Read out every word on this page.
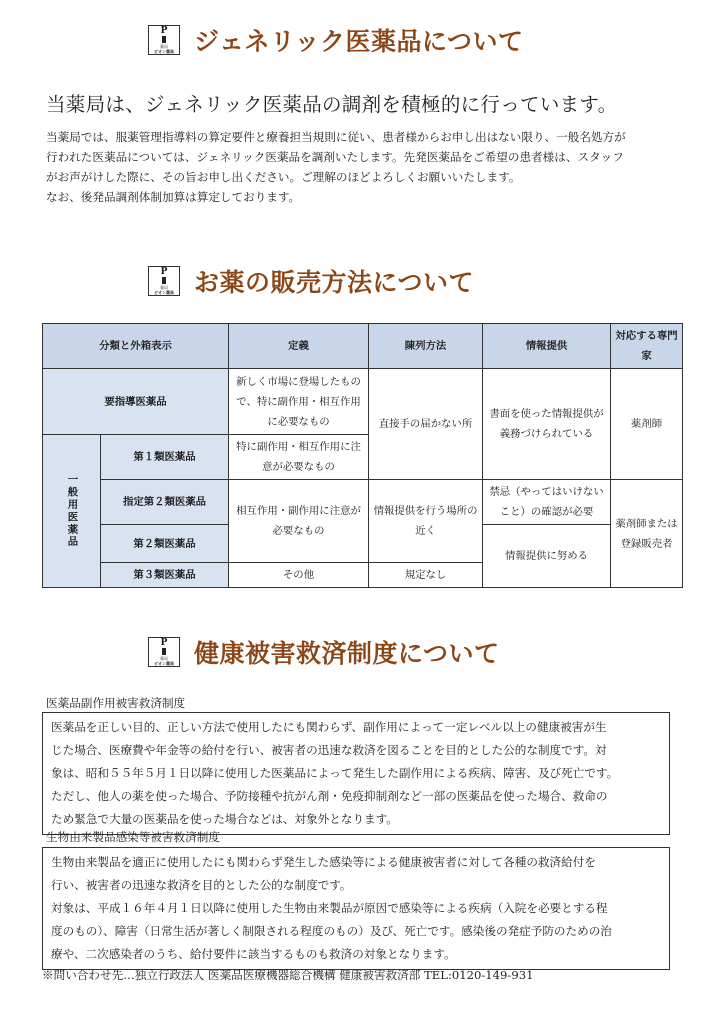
P
薬局
ピオン薬局 ジェネリック医薬品について
当薬局は、ジェネリック医薬品の調剤を積極的に行っています。

当薬局では、服薬管理指導料の算定要件と療養担当規則に従い、患者様からお申し出はない限り、一般名処方が

行われた医薬品については、ジェネリック医薬品を調剤いたします。先発医薬品をご希望の患者様は、スタッフ

がお声がけした際に、その旨お申し出ください。ご理解のほどよろしくお願いいたします。

なお、後発品調剤体制加算は算定しております。

P
薬局
ピオン薬局 お薬の販売方法について
分類と外箱表示		定義	陳列方法	情報提供	対応する専門家
要指導医薬品		新しく市場に登場したもので、特に副作用・相互作用に必要なもの	直接手の届かない所	書面を使った情報提供が義務づけられている	薬剤師
一般用医薬品	第１類医薬品	特に副作用・相互作用に注意が必要なもの			
	指定第２類医薬品	相互作用・副作用に注意が必要なもの	情報提供を行う場所の近く	禁忌（やってはいけないこと）の確認が必要	薬剤師または登録販売者
	第２類医薬品			情報提供に努める	
	第３類医薬品	その他	規定なし		
P
薬局
ピオン薬局 健康被害救済制度について
医薬品副作用被害救済制度

医薬品を正しい目的、正しい方法で使用したにも関わらず、副作用によって一定レベル以上の健康被害が生

じた場合、医療費や年金等の給付を行い、被害者の迅速な救済を図ることを目的とした公的な制度です。対

象は、昭和５５年５月１日以降に使用した医薬品によって発生した副作用による疾病、障害、及び死亡です。

ただし、他人の薬を使った場合、予防接種や抗がん剤・免疫抑制剤など一部の医薬品を使った場合、救命の

ため緊急で大量の医薬品を使った場合などは、対象外となります。

生物由来製品感染等被害救済制度

生物由来製品を適正に使用したにも関わらず発生した感染等による健康被害者に対して各種の救済給付を

行い、被害者の迅速な救済を目的とした公的な制度です。

対象は、平成１６年４月１日以降に使用した生物由来製品が原因で感染等による疾病（入院を必要とする程

度のもの）、障害（日常生活が著しく制限される程度のもの）及び、死亡です。感染後の発症予防のための治

療や、二次感染者のうち、給付要件に該当するものも救済の対象となります。

※問い合わせ先…独立行政法人 医薬品医療機器総合機構 健康被害救済部 TEL:0120-149-931
